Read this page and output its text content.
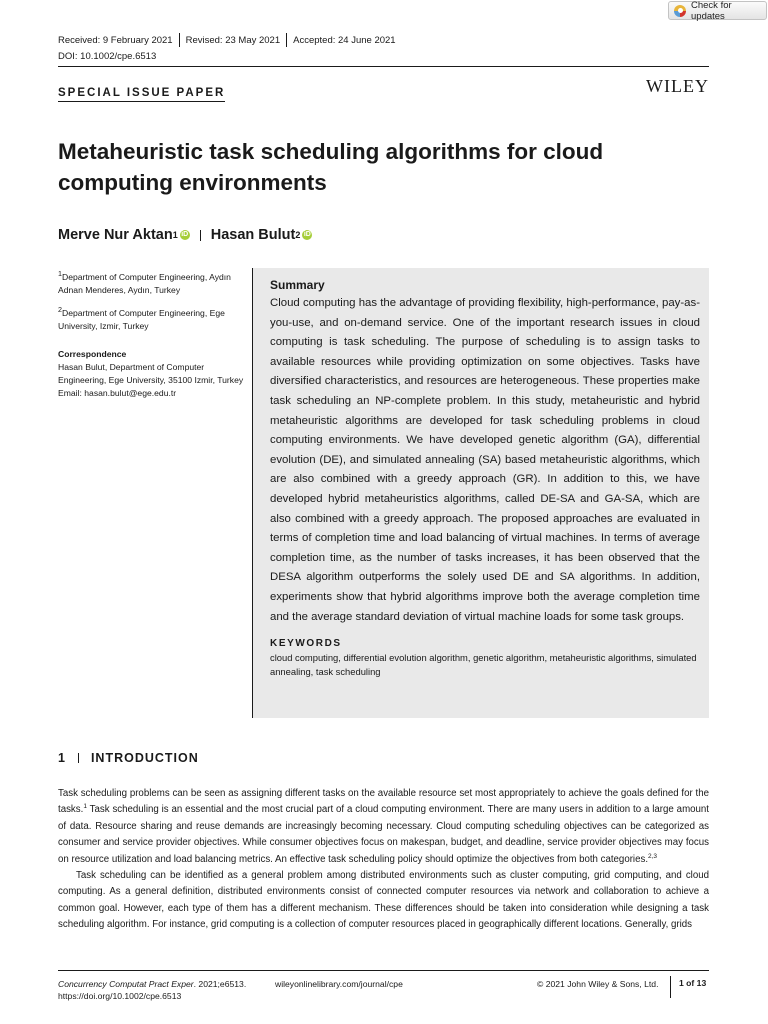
Check for updates
Received: 9 February 2021 Revised: 23 May 2021 Accepted: 24 June 2021
DOI: 10.1002/cpe.6513
SPECIAL ISSUE PAPER	WILEY
Metaheuristic task scheduling algorithms for cloud computing environments
Merve Nur Aktan 1 iD Hasan Bulut 2 iD

$^1$Department of Computer Engineering, Aydın Adnan Menderes, Aydın, Turkey

$^2$Department of Computer Engineering, Ege University, Izmir, Turkey

Correspondence
Hasan Bulut, Department of Computer Engineering, Ege University, 35100 Izmir, Turkey
Email: hasan.bulut@ege.edu.tr

Summary

Cloud computing has the advantage of providing flexibility, high-performance, pay-as-you-use, and on-demand service. One of the important research issues in cloud computing is task scheduling. The purpose of scheduling is to assign tasks to available resources while providing optimization on some objectives. Tasks have diversified characteristics, and resources are heterogeneous. These properties make task scheduling an NP-complete problem. In this study, metaheuristic and hybrid metaheuristic algorithms are developed for task scheduling problems in cloud computing environments. We have developed genetic algorithm (GA), differential evolution (DE), and simulated annealing (SA) based metaheuristic algorithms, which are also combined with a greedy approach (GR). In addition to this, we have developed hybrid metaheuristics algorithms, called DE-SA and GA-SA, which are also combined with a greedy approach. The proposed approaches are evaluated in terms of completion time and load balancing of virtual machines. In terms of average completion time, as the number of tasks increases, it has been observed that the DESA algorithm outperforms the solely used DE and SA algorithms. In addition, experiments show that hybrid algorithms improve both the average completion time and the average standard deviation of virtual machine loads for some task groups.

KEYWORDS
cloud computing, differential evolution algorithm, genetic algorithm, metaheuristic algorithms, simulated annealing, task scheduling
1 INTRODUCTION

Task scheduling problems can be seen as assigning different tasks on the available resource set most appropriately to achieve the goals defined for the tasks.$^1$ Task scheduling is an essential and the most crucial part of a cloud computing environment. There are many users in addition to a large amount of data. Resource sharing and reuse demands are increasingly becoming necessary. Cloud computing scheduling objectives can be categorized as consumer and service provider objectives. While consumer objectives focus on makespan, budget, and deadline, service provider objectives may focus on resource utilization and load balancing metrics. An effective task scheduling policy should optimize the objectives from both categories.$^{2,3}$

Task scheduling can be identified as a general problem among distributed environments such as cluster computing, grid computing, and cloud computing. As a general definition, distributed environments consist of connected computer resources via network and collaboration to achieve a common goal. However, each type of them has a different mechanism. These differences should be taken into consideration while designing a task scheduling algorithm. For instance, grid computing is a collection of computer resources placed in geographically different locations. Generally, grids

Concurrency Computat Pract Exper. 2021;e6513.
https://doi.org/10.1002/cpe.6513
wileyonlinelibrary.com/journal/cpe	© 2021 John Wiley & Sons, Ltd. 1 of 13
